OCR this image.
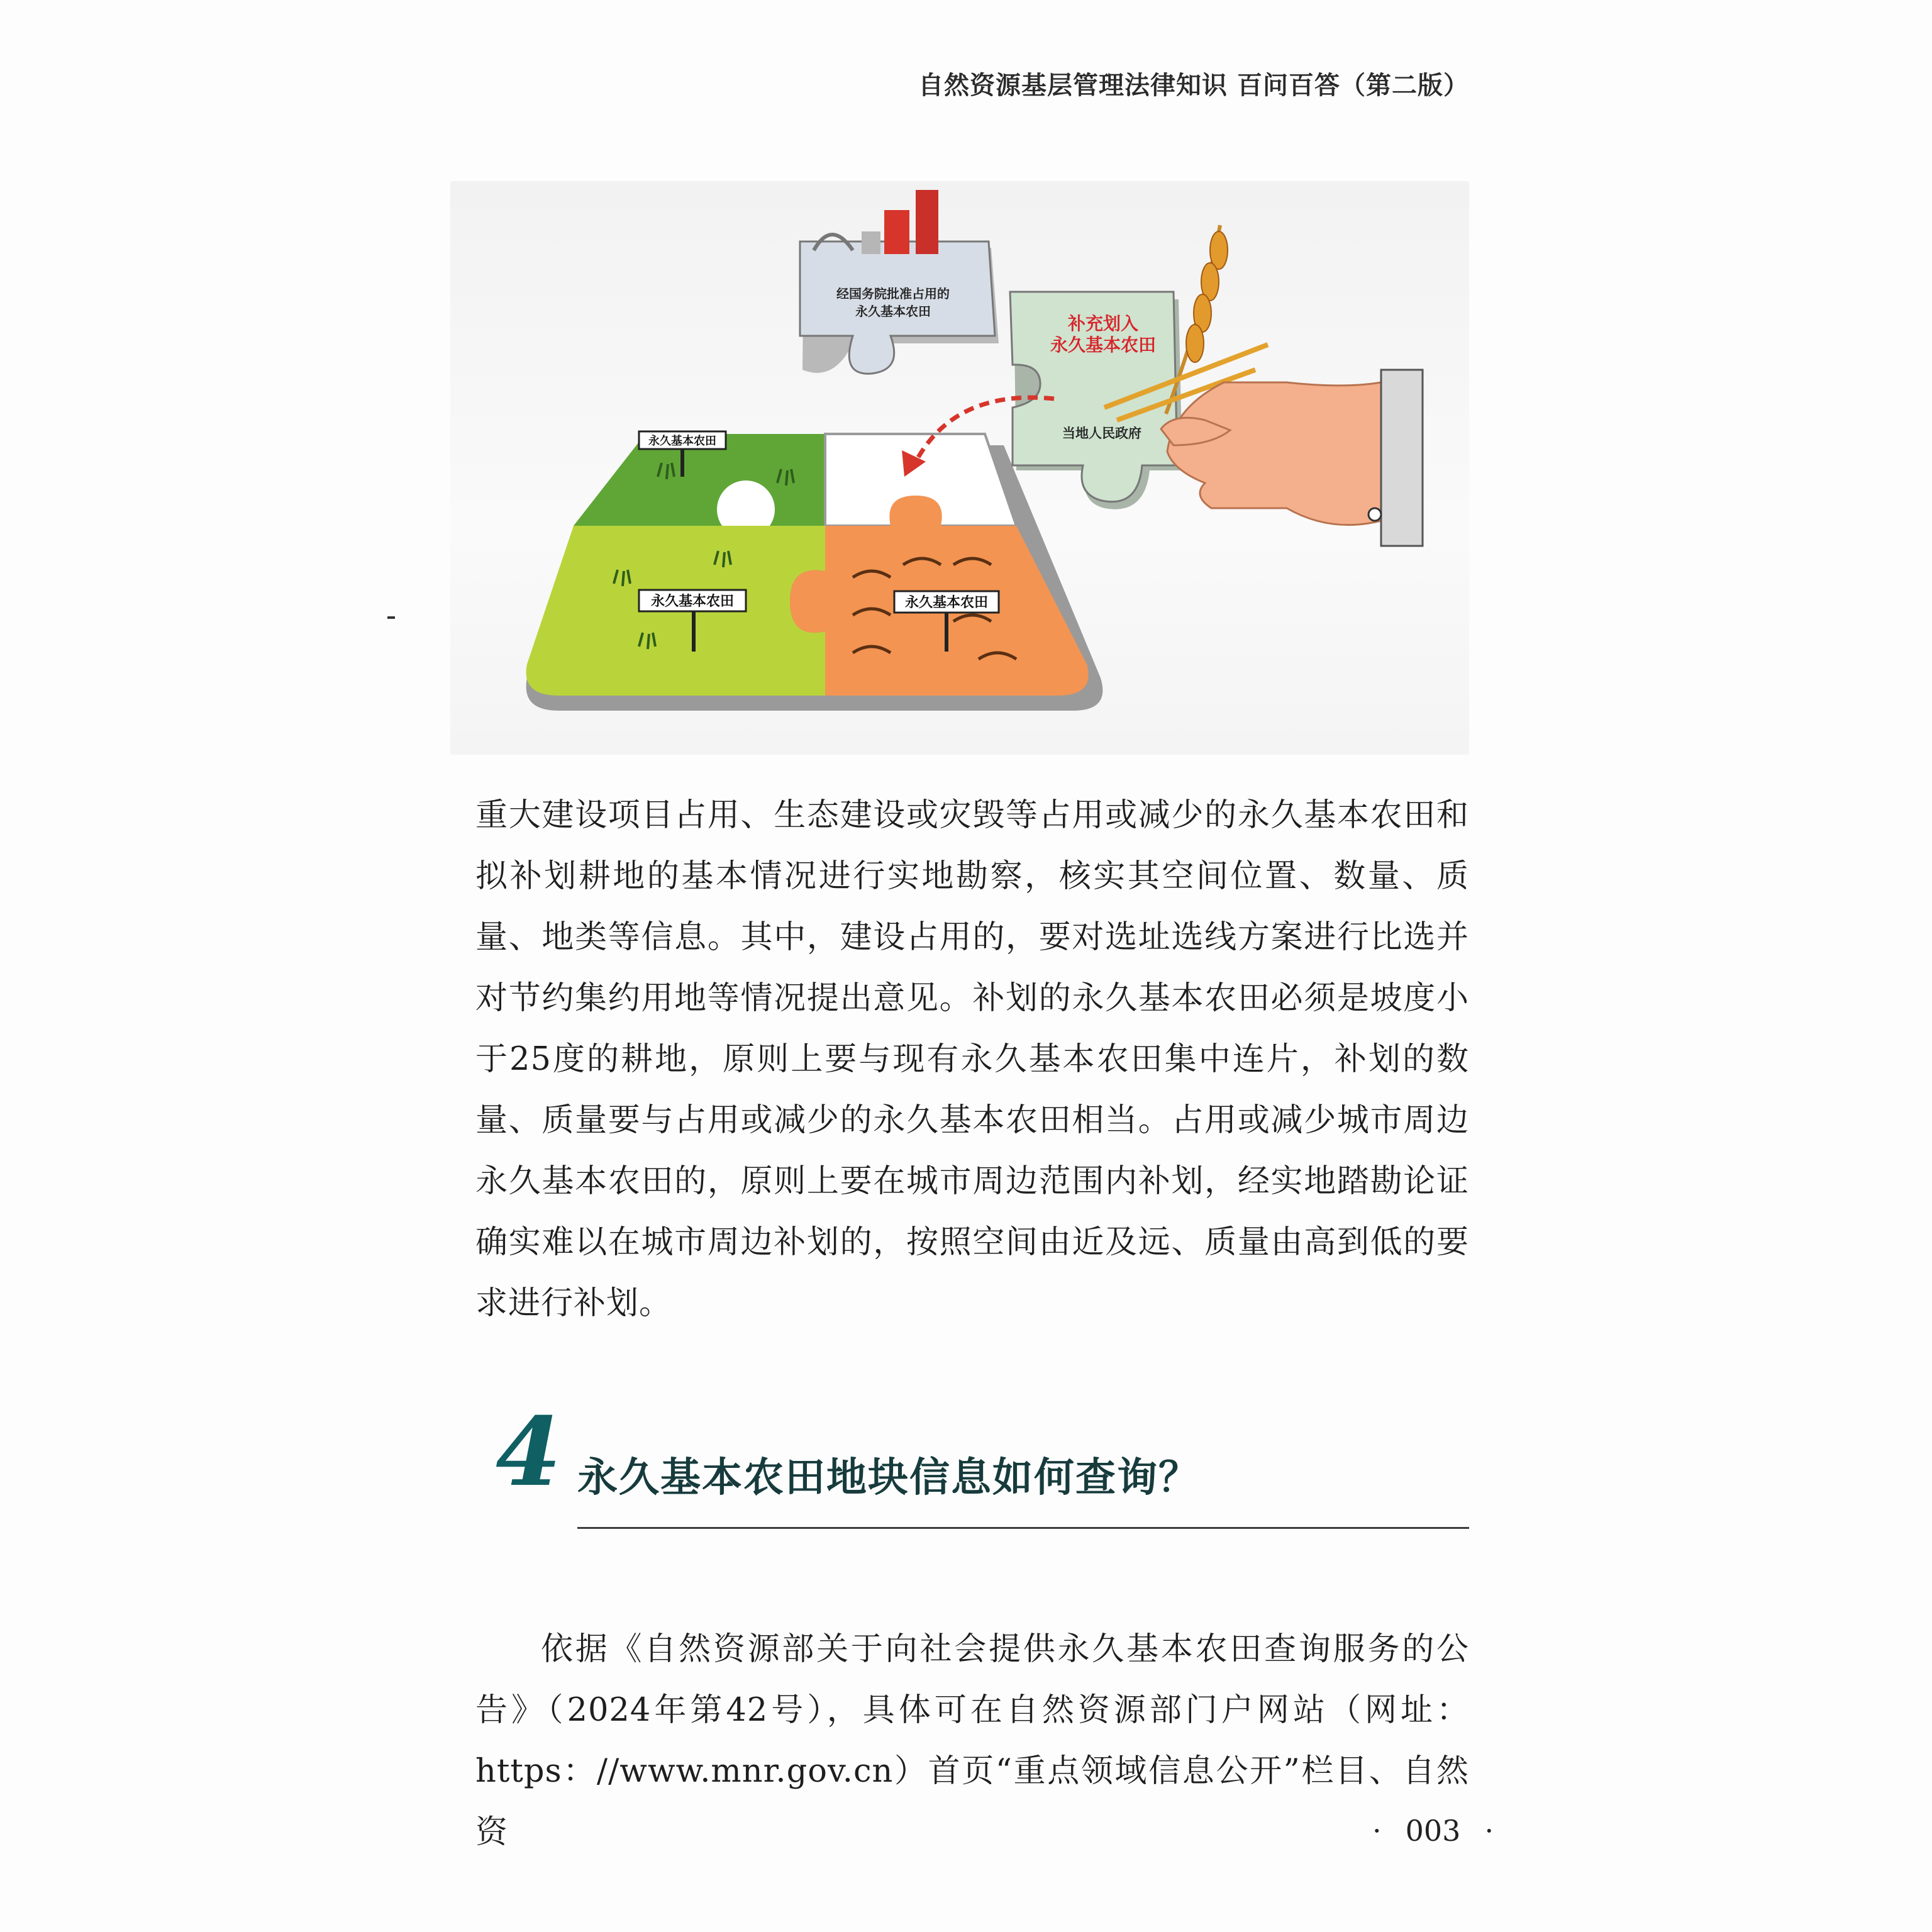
自然资源基层管理法律知识 百问百答（第二版）
永久基本农田
永久基本农田	永久基本农田
经国务院批准占用的
永久基本农田
补充划入
永久基本农田
当地人民政府

重大建设项目占用、生态建设或灾毁等占用或减少的永久基本农田和拟补划耕地的基本情况进行实地勘察，核实其空间位置、数量、质量、地类等信息。其中，建设占用的，要对选址选线方案进行比选并对节约集约用地等情况提出意见。补划的永久基本农田必须是坡度小于25度的耕地，原则上要与现有永久基本农田集中连片，补划的数量、质量要与占用或减少的永久基本农田相当。占用或减少城市周边永久基本农田的，原则上要在城市周边范围内补划，经实地踏勘论证确实难以在城市周边补划的，按照空间由近及远、质量由高到低的要求进行补划。

4 永久基本农田地块信息如何查询？

依据《自然资源部关于向社会提供永久基本农田查询服务的公告》（2024年第42号），具体可在自然资源部门户网站（网址：https：//www.mnr.gov.cn）首页“重点领域信息公开”栏目、自然资	· 003 ·
